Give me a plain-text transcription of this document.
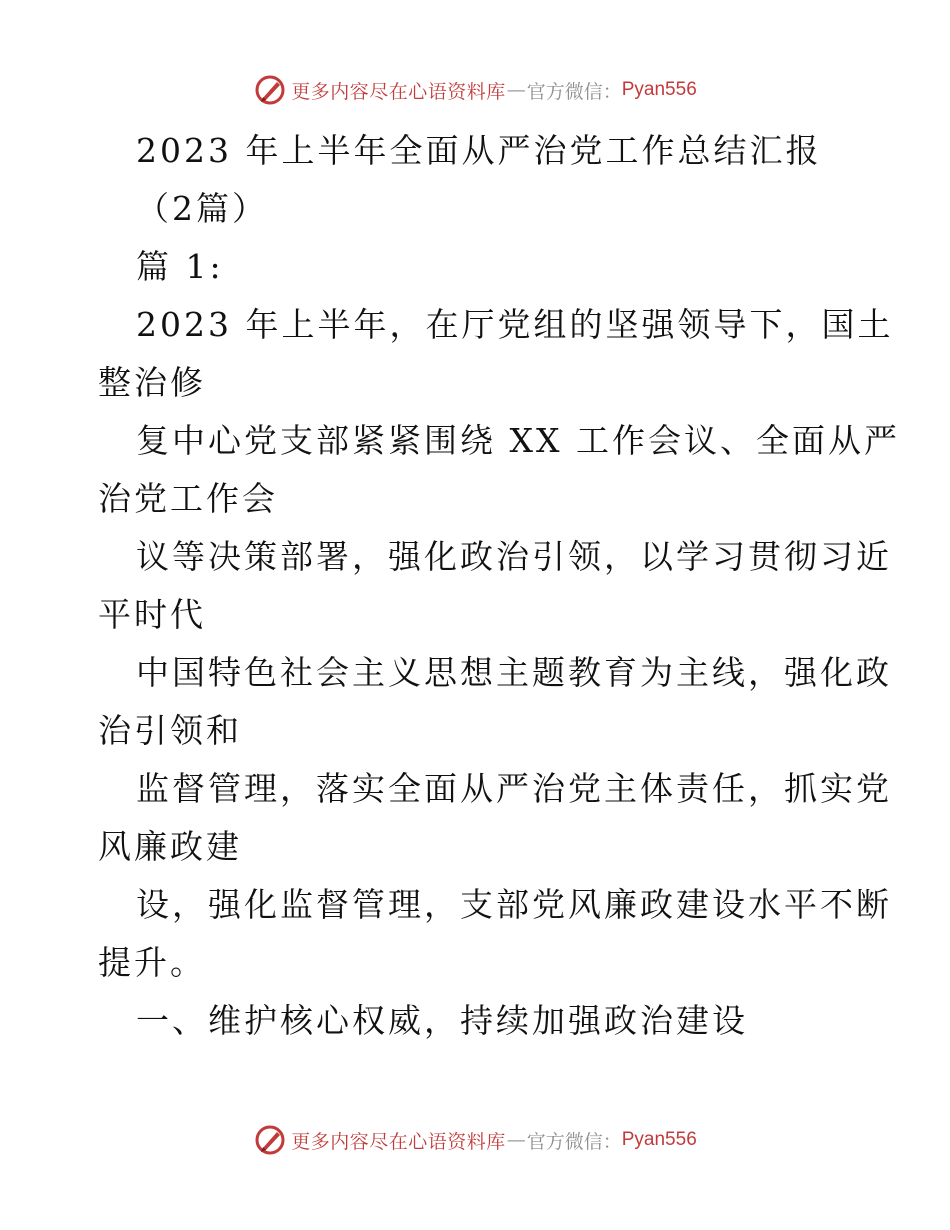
更多内容尽在心语资料库 — 官方微信： Pyan556
2023 年上半年全面从严治党工作总结汇报
（2篇）
篇 1:
2023 年上半年，在厅党组的坚强领导下，国土
整治修
复中心党支部紧紧围绕 XX 工作会议、全面从严
治党工作会
议等决策部署，强化政治引领，以学习贯彻习近
平时代
中国特色社会主义思想主题教育为主线，强化政
治引领和
监督管理，落实全面从严治党主体责任，抓实党
风廉政建
设，强化监督管理，支部党风廉政建设水平不断
提升。
一、维护核心权威，持续加强政治建设
更多内容尽在心语资料库 — 官方微信： Pyan556
